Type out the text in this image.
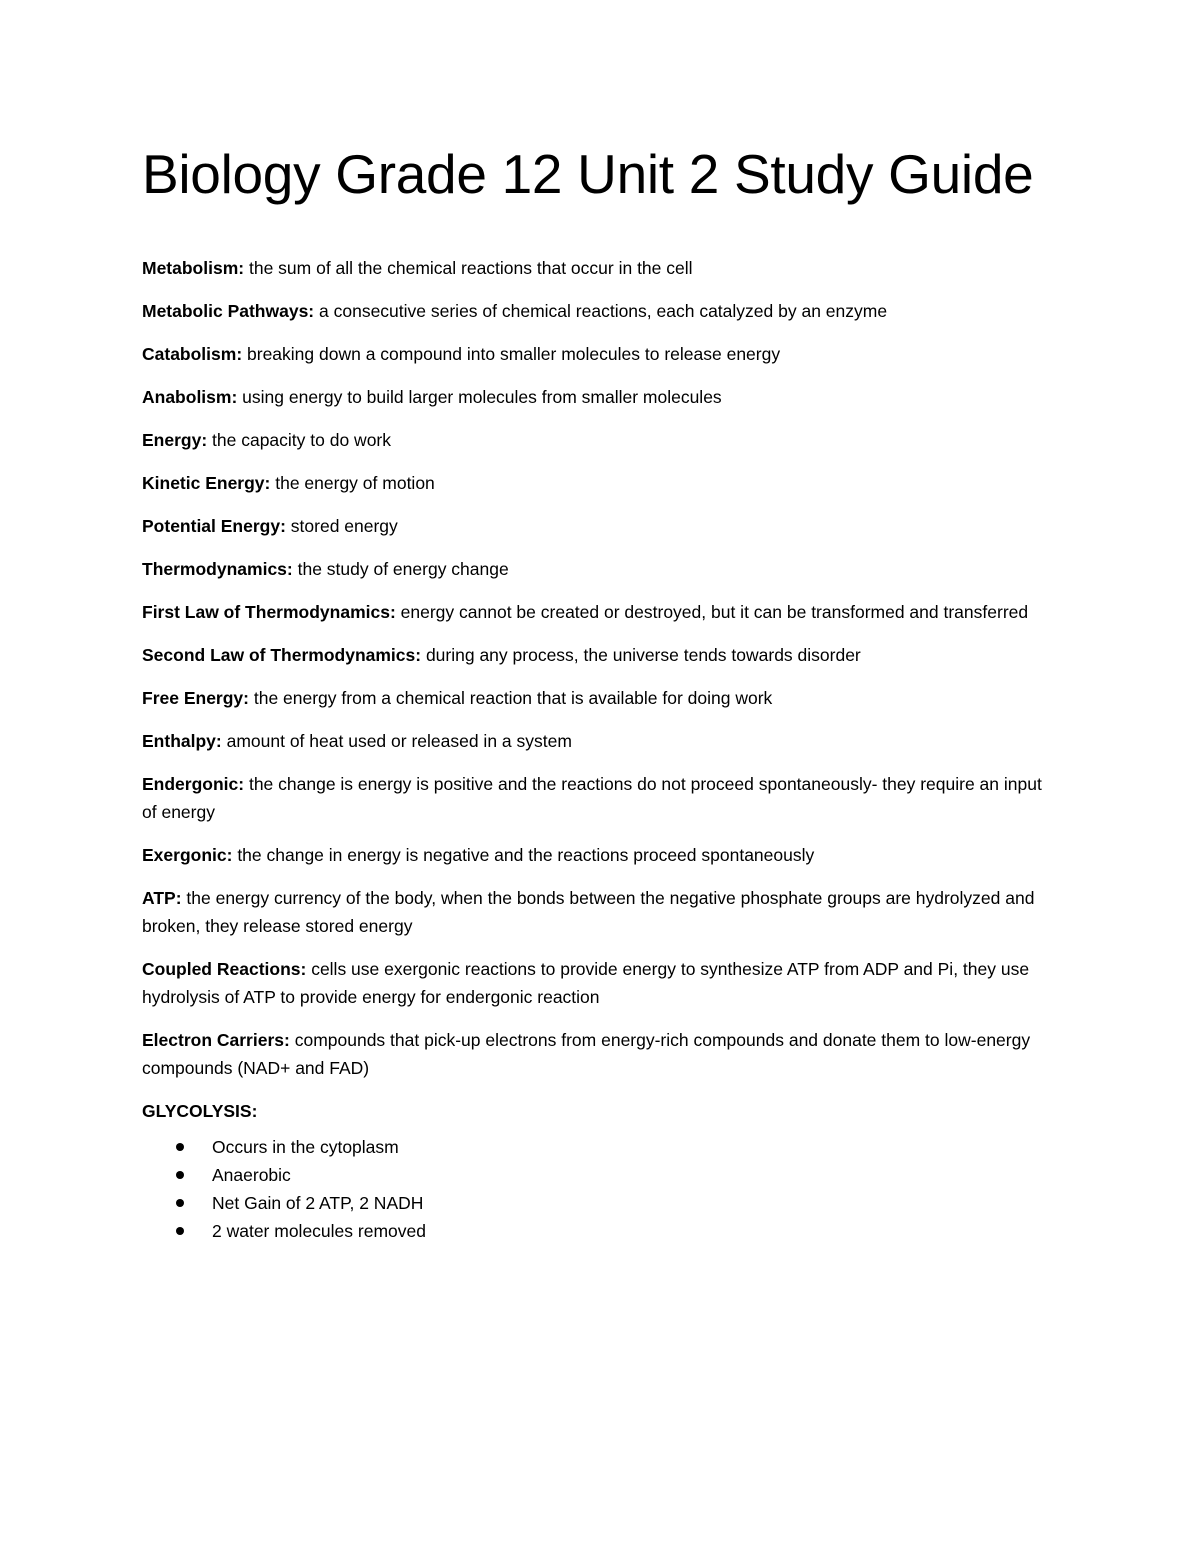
Biology Grade 12 Unit 2 Study Guide

Metabolism: the sum of all the chemical reactions that occur in the cell

Metabolic Pathways: a consecutive series of chemical reactions, each catalyzed by an enzyme

Catabolism: breaking down a compound into smaller molecules to release energy

Anabolism: using energy to build larger molecules from smaller molecules

Energy: the capacity to do work

Kinetic Energy: the energy of motion

Potential Energy: stored energy

Thermodynamics: the study of energy change

First Law of Thermodynamics: energy cannot be created or destroyed, but it can be transformed and transferred

Second Law of Thermodynamics: during any process, the universe tends towards disorder

Free Energy: the energy from a chemical reaction that is available for doing work

Enthalpy: amount of heat used or released in a system

Endergonic: the change is energy is positive and the reactions do not proceed spontaneously- they require an input of energy

Exergonic: the change in energy is negative and the reactions proceed spontaneously

ATP: the energy currency of the body, when the bonds between the negative phosphate groups are hydrolyzed and broken, they release stored energy

Coupled Reactions: cells use exergonic reactions to provide energy to synthesize ATP from ADP and Pi, they use hydrolysis of ATP to provide energy for endergonic reaction

Electron Carriers: compounds that pick-up electrons from energy-rich compounds and donate them to low-energy compounds (NAD+ and FAD)

GLYCOLYSIS:

Occurs in the cytoplasm
Anaerobic
Net Gain of 2 ATP, 2 NADH
2 water molecules removed
